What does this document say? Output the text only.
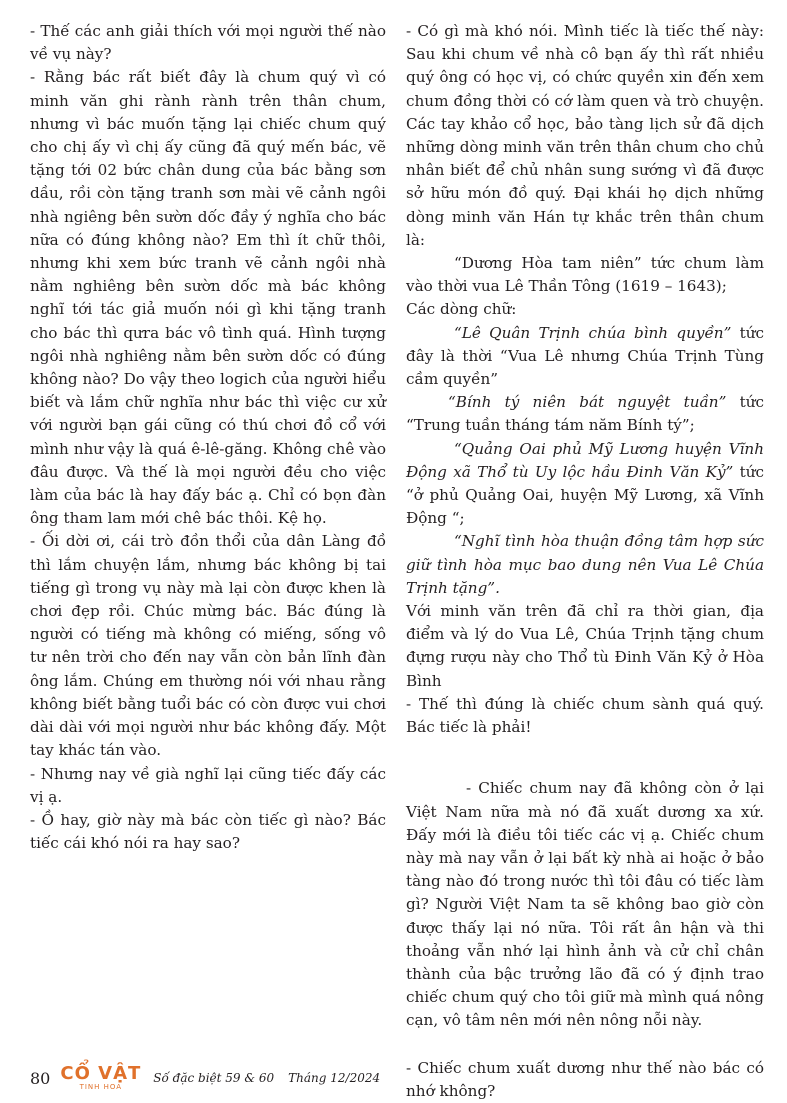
- Thế các anh giải thích với mọi người thế nào về vụ này?

- Rằng bác rất biết đây là chum quý vì có minh văn ghi rành rành trên thân chum, nhưng vì bác muốn tặng lại chiếc chum quý cho chị ấy vì chị ấy cũng đã quý mến bác, vẽ tặng tới 02 bức chân dung của bác bằng sơn dầu, rồi còn tặng tranh sơn mài vẽ cảnh ngôi nhà ngiêng bên sườn dốc đầy ý nghĩa cho bác nữa có đúng không nào? Em thì ít chữ thôi, nhưng khi xem bức tranh vẽ cảnh ngôi nhà nằm nghiêng bên sườn dốc mà bác không nghĩ tới tác giả muốn nói gì khi tặng tranh cho bác thì qưra bác vô tình quá. Hình tượng ngôi nhà nghiêng nằm bên sườn dốc có đúng không nào? Do vậy theo logich của người hiểu biết và lắm chữ nghĩa như bác thì việc cư xử với người bạn gái cũng có thú chơi đồ cổ với mình như vậy là quá ê-lê-găng. Không chê vào đâu được. Và thế là mọi người đều cho việc làm của bác là hay đấy bác ạ. Chỉ có bọn đàn ông tham lam mới chê bác thôi. Kệ họ.

- Ối dời ơi, cái trò đồn thổi của dân Làng đồ thì lắm chuyện lắm, nhưng bác không bị tai tiếng gì trong vụ này mà lại còn được khen là chơi đẹp rồi. Chúc mừng bác. Bác đúng là người có tiếng mà không có miếng, sống vô tư nên trời cho đến nay vẫn còn bản lĩnh đàn ông lắm. Chúng em thường nói với nhau rằng không biết bằng tuổi bác có còn được vui chơi dài dài với mọi người như bác không đấy. Một tay khác tán vào.

- Nhưng nay về già nghĩ lại cũng tiếc đấy các vị ạ.

- Ồ hay, giờ này mà bác còn tiếc gì nào? Bác tiếc cái khó nói ra hay sao?

- Có gì mà khó nói. Mình tiếc là tiếc thế này: Sau khi chum về nhà cô bạn ấy thì rất nhiều quý ông có học vị, có chức quyền xin đến xem chum đồng thời có cớ làm quen và trò chuyện. Các tay khảo cổ học, bảo tàng lịch sử đã dịch những dòng minh văn trên thân chum cho chủ nhân biết để chủ nhân sung sướng vì đã được sở hữu món đồ quý. Đại khái họ dịch những dòng minh văn Hán tự khắc trên thân chum là:

“Dương Hòa tam niên” tức chum làm vào thời vua Lê Thần Tông (1619 – 1643);

Các dòng chữ:

“Lê Quân Trịnh chúa bình quyền” tức đây là thời “Vua Lê nhưng Chúa Trịnh Tùng cầm quyền”

“Bính tý niên bát nguyệt tuần” tức “Trung tuần tháng tám năm Bính tý”;

“Quảng Oai phủ Mỹ Lương huyện Vĩnh Động xã Thổ tù Uy lộc hầu Đinh Văn Kỷ” tức “ở phủ Quảng Oai, huyện Mỹ Lương, xã Vĩnh Động “;

“Nghĩ tình hòa thuận đồng tâm hợp sức giữ tình hòa mục bao dung nên Vua Lê Chúa Trịnh tặng”.

Với minh văn trên đã chỉ ra thời gian, địa điểm và lý do Vua Lê, Chúa Trịnh tặng chum đựng rượu này cho Thổ tù Đinh Văn Kỷ ở Hòa Bình

- Thế thì đúng là chiếc chum sành quá quý. Bác tiếc là phải!

- Chiếc chum nay đã không còn ở lại Việt Nam nữa mà nó đã xuất dương xa xứ. Đấy mới là điều tôi tiếc các vị ạ. Chiếc chum này mà nay vẫn ở lại bất kỳ nhà ai hoặc ở bảo tàng nào đó trong nước thì tôi đâu có tiếc làm gì? Người Việt Nam ta sẽ không bao giờ còn được thấy lại nó nữa. Tôi rất ân hận và thi thoảng vẫn nhớ lại hình ảnh và cử chỉ chân thành của bậc trưởng lão đã có ý định trao chiếc chum quý cho tôi giữ mà mình quá nông cạn, vô tâm nên mới nên nông nỗi này.

- Chiếc chum xuất dương như thế nào bác có nhớ không?

80 CỔ VẬT
TINH HOA
Số đặc biệt 59 & 60 Tháng 12/2024
